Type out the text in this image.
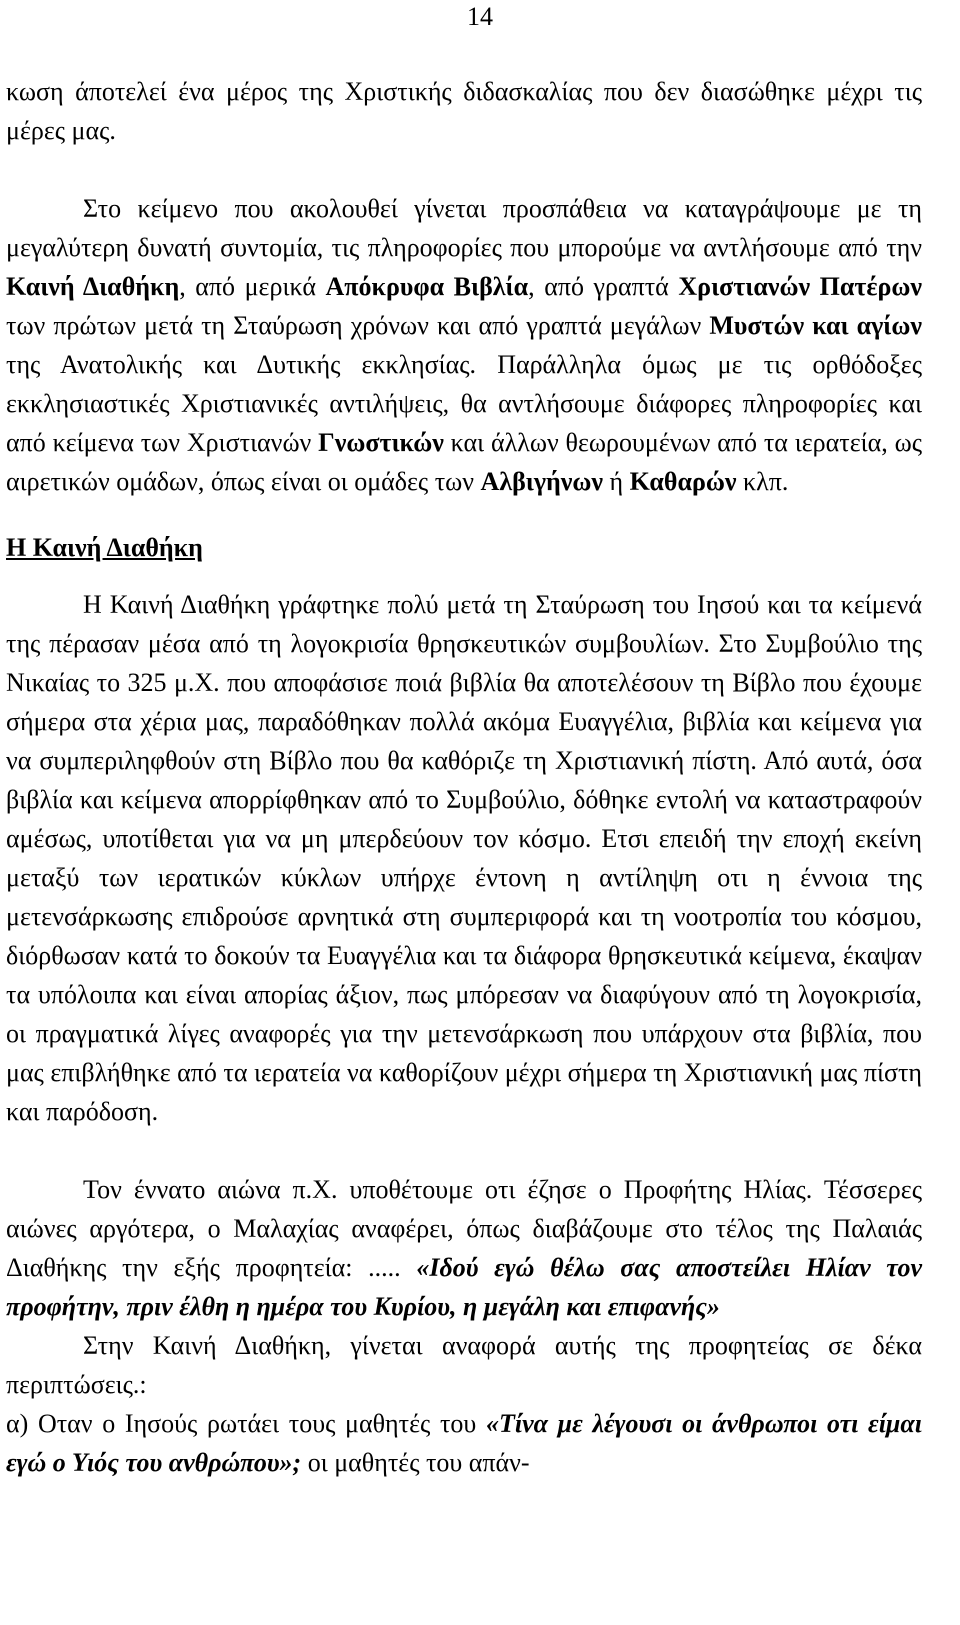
14

κωση άποτελεί ένα μέρος της Χριστικής διδασκαλίας που δεν διασώθηκε μέχρι τις μέρες μας.

Στο κείμενο που ακολουθεί γίνεται προσπάθεια να καταγράψουμε με τη μεγαλύτερη δυνατή συντομία, τις πληροφορίες που μπορούμε να αντλήσουμε από την Καινή Διαθήκη, από μερικά Απόκρυφα Βιβλία, από γραπτά Χριστιανών Πατέρων των πρώτων μετά τη Σταύρωση χρόνων και από γραπτά μεγάλων Μυστών και αγίων της Ανατολικής και Δυτικής εκκλησίας. Παράλληλα όμως με τις ορθόδοξες εκκλησιαστικές Χριστιανικές αντιλήψεις, θα αντλήσουμε διάφορες πληροφορίες και από κείμενα των Χριστιανών Γνωστικών και άλλων θεωρουμένων από τα ιερατεία, ως αιρετικών ομάδων, όπως είναι οι ομάδες των Αλβιγήνων ή Καθαρών κλπ.

Η Καινή Διαθήκη

Η Καινή Διαθήκη γράφτηκε πολύ μετά τη Σταύρωση του Ιησού και τα κείμενά της πέρασαν μέσα από τη λογοκρισία θρησκευτικών συμβουλίων. Στο Συμβούλιο της Νικαίας το 325 μ.Χ. που αποφάσισε ποιά βιβλία θα αποτελέσουν τη Βίβλο που έχουμε σήμερα στα χέρια μας, παραδόθηκαν πολλά ακόμα Ευαγγέλια, βιβλία και κείμενα για να συμπεριληφθούν στη Βίβλο που θα καθόριζε τη Χριστιανική πίστη. Από αυτά, όσα βιβλία και κείμενα απορρίφθηκαν από το Συμβούλιο, δόθηκε εντολή να καταστραφούν αμέσως, υποτίθεται για να μη μπερδεύουν τον κόσμο. Ετσι επειδή την εποχή εκείνη μεταξύ των ιερατικών κύκλων υπήρχε έντονη η αντίληψη οτι η έννοια της μετενσάρκωσης επιδρούσε αρνητικά στη συμπεριφορά και τη νοοτροπία του κόσμου, διόρθωσαν κατά το δοκούν τα Ευαγγέλια και τα διάφορα θρησκευτικά κείμενα, έκαψαν τα υπόλοιπα και είναι απορίας άξιον, πως μπόρεσαν να διαφύγουν από τη λογοκρισία, οι πραγματικά λίγες αναφορές για την μετενσάρκωση που υπάρχουν στα βιβλία, που μας επιβλήθηκε από τα ιερατεία να καθορίζουν μέχρι σήμερα τη Χριστιανική μας πίστη και παρόδοση.

Τον έννατο αιώνα π.Χ. υποθέτουμε οτι έζησε ο Προφήτης Ηλίας. Τέσσερες αιώνες αργότερα, ο Μαλαχίας αναφέρει, όπως διαβάζουμε στο τέλος της Παλαιάς Διαθήκης την εξής προφητεία: ..... «Ιδού εγώ θέλω σας αποστείλει Ηλίαν τον προφήτην, πριν έλθη η ημέρα του Κυρίου, η μεγάλη και επιφανής»

Στην Καινή Διαθήκη, γίνεται αναφορά αυτής της προφητείας σε δέκα περιπτώσεις.:

α) Οταν ο Ιησούς ρωτάει τους μαθητές του «Τίνα με λέγουσι οι άνθρωποι οτι είμαι εγώ ο Υιός του ανθρώπου»; οι μαθητές του απάν-
